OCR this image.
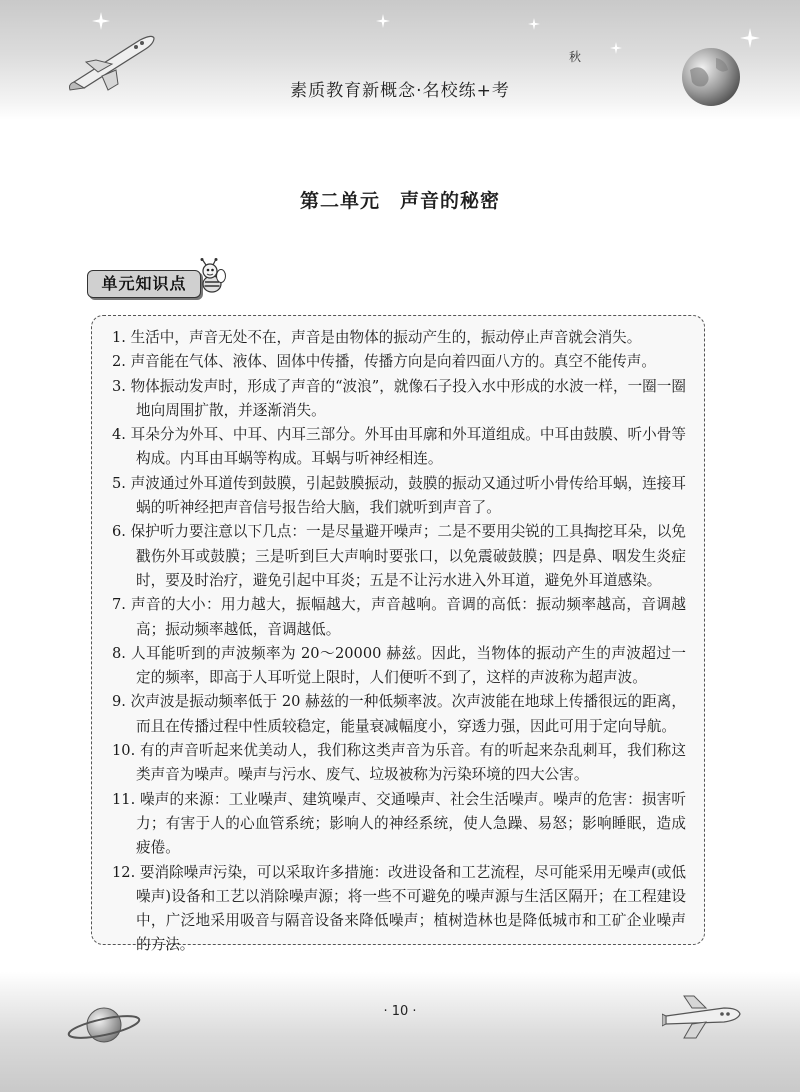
秋
素质教育新概念·名校练+考
第二单元　声音的秘密
单元知识点

1. 生活中，声音无处不在，声音是由物体的振动产生的，振动停止声音就会消失。

2. 声音能在气体、液体、固体中传播，传播方向是向着四面八方的。真空不能传声。

3. 物体振动发声时，形成了声音的“波浪”，就像石子投入水中形成的水波一样，一圈一圈地向周围扩散，并逐渐消失。

4. 耳朵分为外耳、中耳、内耳三部分。外耳由耳廓和外耳道组成。中耳由鼓膜、听小骨等构成。内耳由耳蜗等构成。耳蜗与听神经相连。

5. 声波通过外耳道传到鼓膜，引起鼓膜振动，鼓膜的振动又通过听小骨传给耳蜗，连接耳蜗的听神经把声音信号报告给大脑，我们就听到声音了。

6. 保护听力要注意以下几点：一是尽量避开噪声；二是不要用尖锐的工具掏挖耳朵，以免戳伤外耳或鼓膜；三是听到巨大声响时要张口，以免震破鼓膜；四是鼻、咽发生炎症时，要及时治疗，避免引起中耳炎；五是不让污水进入外耳道，避免外耳道感染。

7. 声音的大小：用力越大，振幅越大，声音越响。音调的高低：振动频率越高，音调越高；振动频率越低，音调越低。

8. 人耳能听到的声波频率为 20～20000 赫兹。因此，当物体的振动产生的声波超过一定的频率，即高于人耳听觉上限时，人们便听不到了，这样的声波称为超声波。

9. 次声波是振动频率低于 20 赫兹的一种低频率波。次声波能在地球上传播很远的距离，而且在传播过程中性质较稳定，能量衰减幅度小，穿透力强，因此可用于定向导航。

10. 有的声音听起来优美动人，我们称这类声音为乐音。有的听起来杂乱刺耳，我们称这类声音为噪声。噪声与污水、废气、垃圾被称为污染环境的四大公害。

11. 噪声的来源：工业噪声、建筑噪声、交通噪声、社会生活噪声。噪声的危害：损害听力；有害于人的心血管系统；影响人的神经系统，使人急躁、易怒；影响睡眠，造成疲倦。

12. 要消除噪声污染，可以采取许多措施：改进设备和工艺流程，尽可能采用无噪声(或低噪声)设备和工艺以消除噪声源；将一些不可避免的噪声源与生活区隔开；在工程建设中，广泛地采用吸音与隔音设备来降低噪声；植树造林也是降低城市和工矿企业噪声的方法。

· 10 ·
